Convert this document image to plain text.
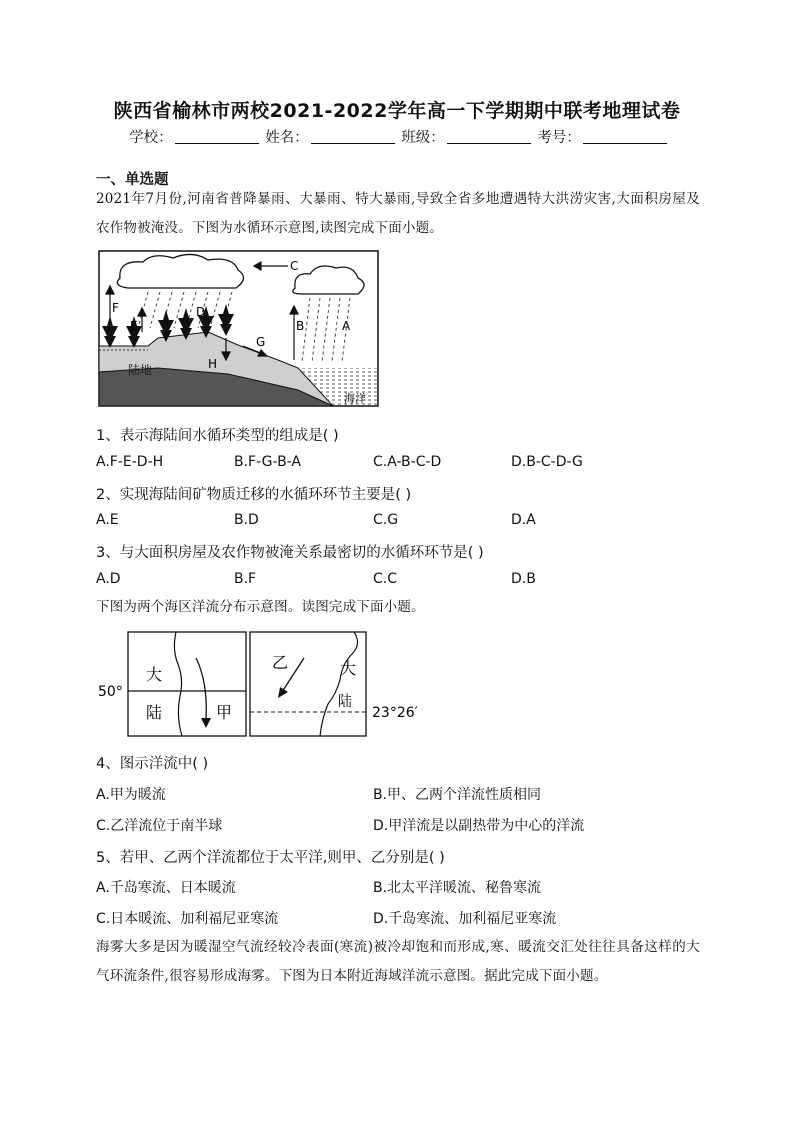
陕西省榆林市两校2021-2022学年高一下学期期中联考地理试卷
学校：	姓名：	班级：	考号：
一、单选题
2021年7月份,河南省普降暴雨、大暴雨、特大暴雨,导致全省多地遭遇特大洪涝灾害,大面积房屋及农作物被淹没。下图为水循环示意图,读图完成下面小题。
C
F
E
D
B	A
G
H
陆地
海洋
1、表示海陆间水循环类型的组成是( )
A.F-E-D-H	B.F-G-B-A	C.A-B-C-D	D.B-C-D-G
2、实现海陆间矿物质迁移的水循环环节主要是( )
A.E	B.D	C.G	D.A
3、与大面积房屋及农作物被淹关系最密切的水循环环节是( )
A.D	B.F	C.C	D.B
下图为两个海区洋流分布示意图。读图完成下面小题。
50°
大
陆	甲
乙	大
陆
23°26′
4、图示洋流中( )
A.甲为暖流	B.甲、乙两个洋流性质相同
C.乙洋流位于南半球	D.甲洋流是以副热带为中心的洋流
5、若甲、乙两个洋流都位于太平洋,则甲、乙分别是( )
A.千岛寒流、日本暖流	B.北太平洋暖流、秘鲁寒流
C.日本暖流、加利福尼亚寒流	D.千岛寒流、加利福尼亚寒流
海雾大多是因为暖湿空气流经较冷表面(寒流)被冷却饱和而形成,寒、暖流交汇处往往具备这样的大气环流条件,很容易形成海雾。下图为日本附近海域洋流示意图。据此完成下面小题。
